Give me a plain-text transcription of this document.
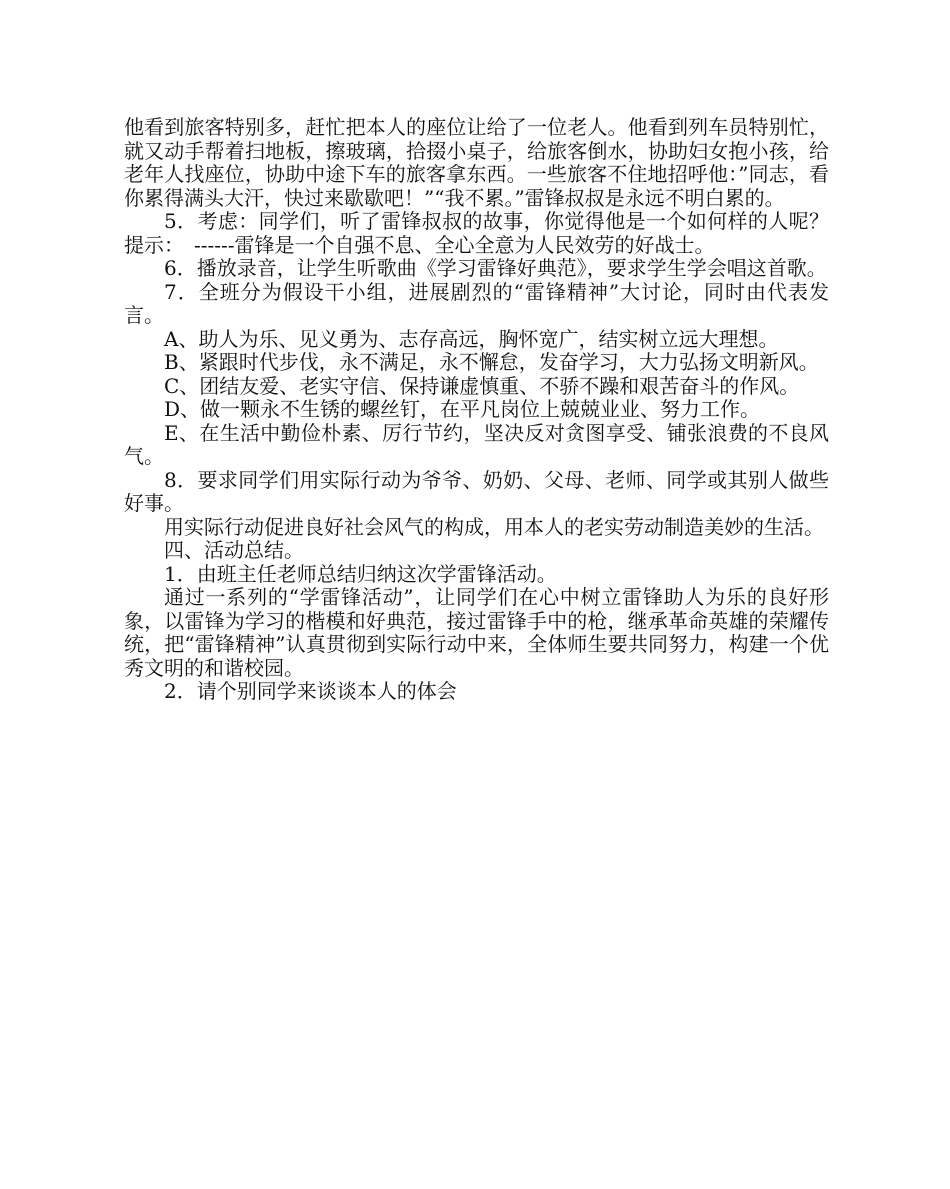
他看到旅客特别多，赶忙把本人的座位让给了一位老人。他看到列车员特别忙，就又动手帮着扫地板，擦玻璃，拾掇小桌子，给旅客倒水，协助妇女抱小孩，给老年人找座位，协助中途下车的旅客拿东西。一些旅客不住地招呼他：”同志，看你累得满头大汗，快过来歇歇吧！”“我不累。”雷锋叔叔是永远不明白累的。

5．考虑：同学们，听了雷锋叔叔的故事，你觉得他是一个如何样的人呢？提示：　------雷锋是一个自强不息、全心全意为人民效劳的好战士。

6．播放录音，让学生听歌曲《学习雷锋好典范》，要求学生学会唱这首歌。

7．全班分为假设干小组，进展剧烈的“雷锋精神”大讨论，同时由代表发言。

A、助人为乐、见义勇为、志存高远，胸怀宽广，结实树立远大理想。

B、紧跟时代步伐，永不满足，永不懈怠，发奋学习，大力弘扬文明新风。

C、团结友爱、老实守信、保持谦虚慎重、不骄不躁和艰苦奋斗的作风。

D、做一颗永不生锈的螺丝钉，在平凡岗位上兢兢业业、努力工作。

E、在生活中勤俭朴素、厉行节约，坚决反对贪图享受、铺张浪费的不良风气。

8．要求同学们用实际行动为爷爷、奶奶、父母、老师、同学或其别人做些好事。

用实际行动促进良好社会风气的构成，用本人的老实劳动制造美妙的生活。

四、活动总结。

1．由班主任老师总结归纳这次学雷锋活动。

通过一系列的“学雷锋活动”，让同学们在心中树立雷锋助人为乐的良好形象，以雷锋为学习的楷模和好典范，接过雷锋手中的枪，继承革命英雄的荣耀传统，把“雷锋精神”认真贯彻到实际行动中来，全体师生要共同努力，构建一个优秀文明的和谐校园。

2．请个别同学来谈谈本人的体会
